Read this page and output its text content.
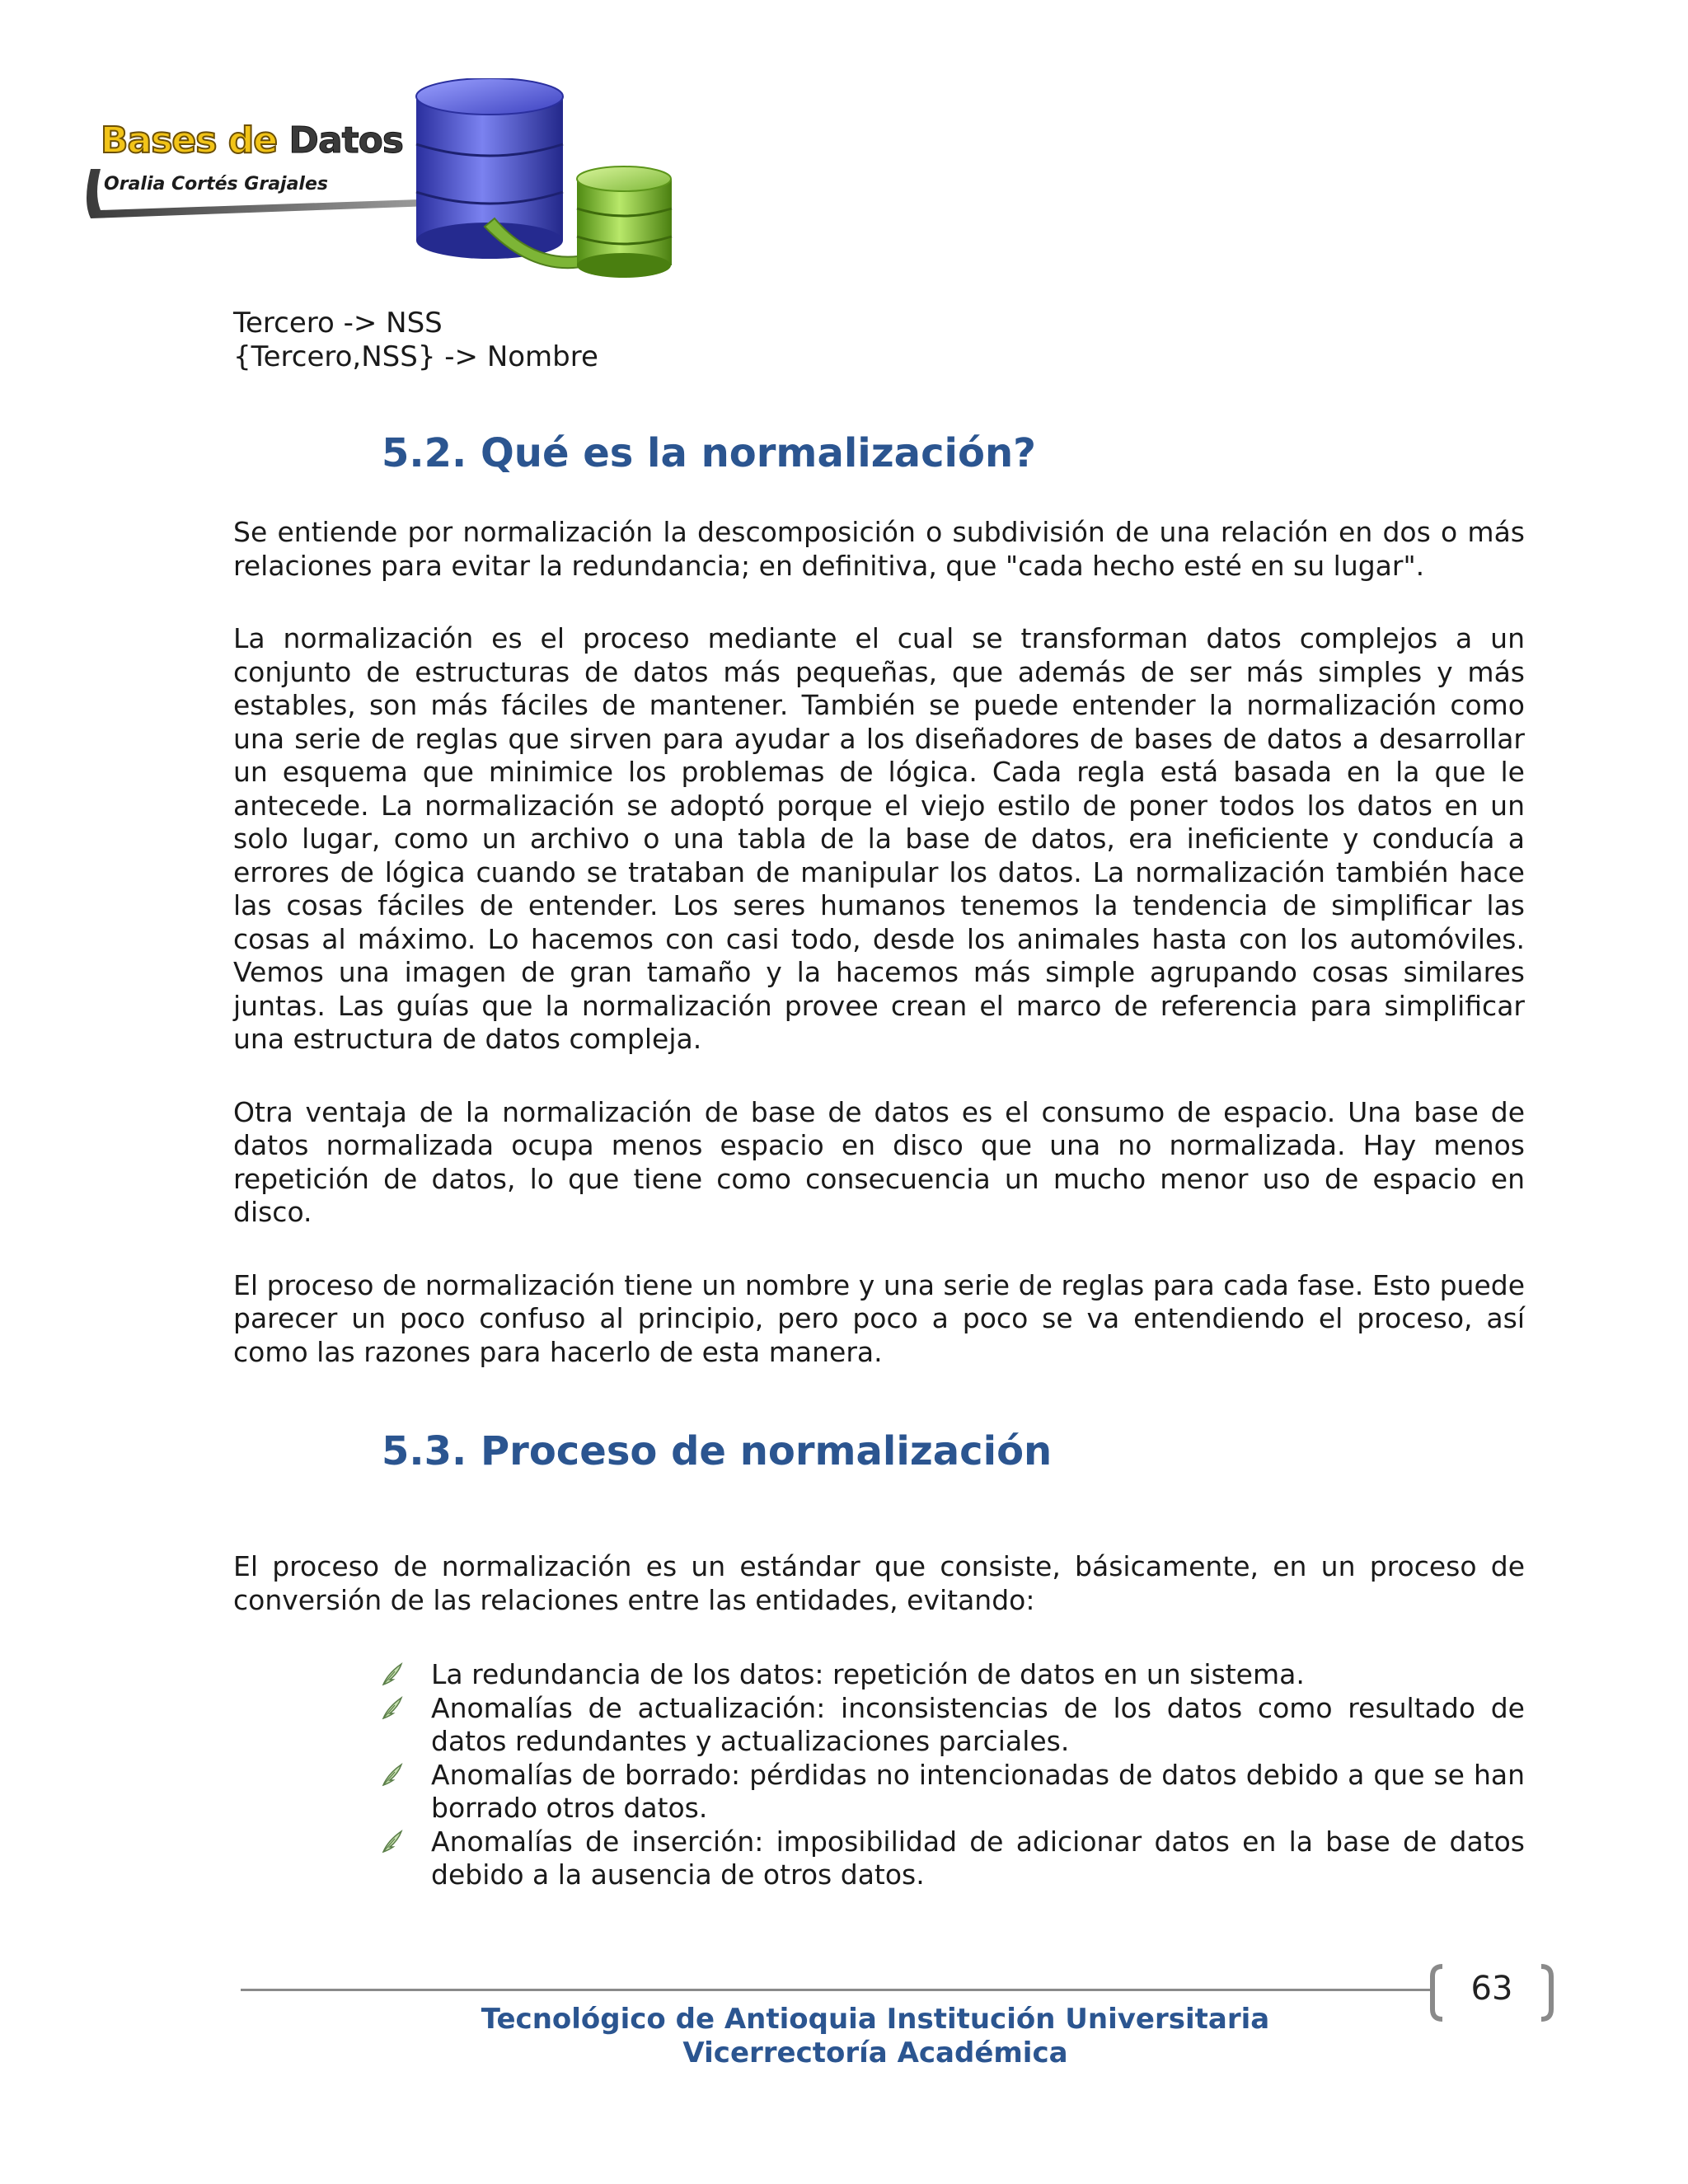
Bases de Datos
Oralia Cortés Grajales

Tercero -> NSS

{Tercero,NSS} -> Nombre

5.2. Qué es la normalización?

Se entiende por normalización la descomposición o subdivisión de una relación en dos o más relaciones para evitar la redundancia; en definitiva, que "cada hecho esté en su lugar".

La normalización es el proceso mediante el cual se transforman datos complejos a un conjunto de estructuras de datos más pequeñas, que además de ser más simples y más estables, son más fáciles de mantener. También se puede entender la normalización como una serie de reglas que sirven para ayudar a los diseñadores de bases de datos a desarrollar un esquema que minimice los problemas de lógica. Cada regla está basada en la que le antecede. La normalización se adoptó porque el viejo estilo de poner todos los datos en un solo lugar, como un archivo o una tabla de la base de datos, era ineficiente y conducía a errores de lógica cuando se trataban de manipular los datos. La normalización también hace las cosas fáciles de entender. Los seres humanos tenemos la tendencia de simplificar las cosas al máximo. Lo hacemos con casi todo, desde los animales hasta con los automóviles. Vemos una imagen de gran tamaño y la hacemos más simple agrupando cosas similares juntas. Las guías que la normalización provee crean el marco de referencia para simplificar una estructura de datos compleja.

Otra ventaja de la normalización de base de datos es el consumo de espacio. Una base de datos normalizada ocupa menos espacio en disco que una no normalizada. Hay menos repetición de datos, lo que tiene como consecuencia un mucho menor uso de espacio en disco.

El proceso de normalización tiene un nombre y una serie de reglas para cada fase. Esto puede parecer un poco confuso al principio, pero poco a poco se va entendiendo el proceso, así como las razones para hacerlo de esta manera.

5.3. Proceso de normalización

El proceso de normalización es un estándar que consiste, básicamente, en un proceso de conversión de las relaciones entre las entidades, evitando:

La redundancia de los datos: repetición de datos en un sistema.
Anomalías de actualización: inconsistencias de los datos como resultado de datos redundantes y actualizaciones parciales.
Anomalías de borrado: pérdidas no intencionadas de datos debido a que se han borrado otros datos.
Anomalías de inserción: imposibilidad de adicionar datos en la base de datos debido a la ausencia de otros datos.
63
Tecnológico de Antioquia Institución Universitaria
Vicerrectoría Académica
